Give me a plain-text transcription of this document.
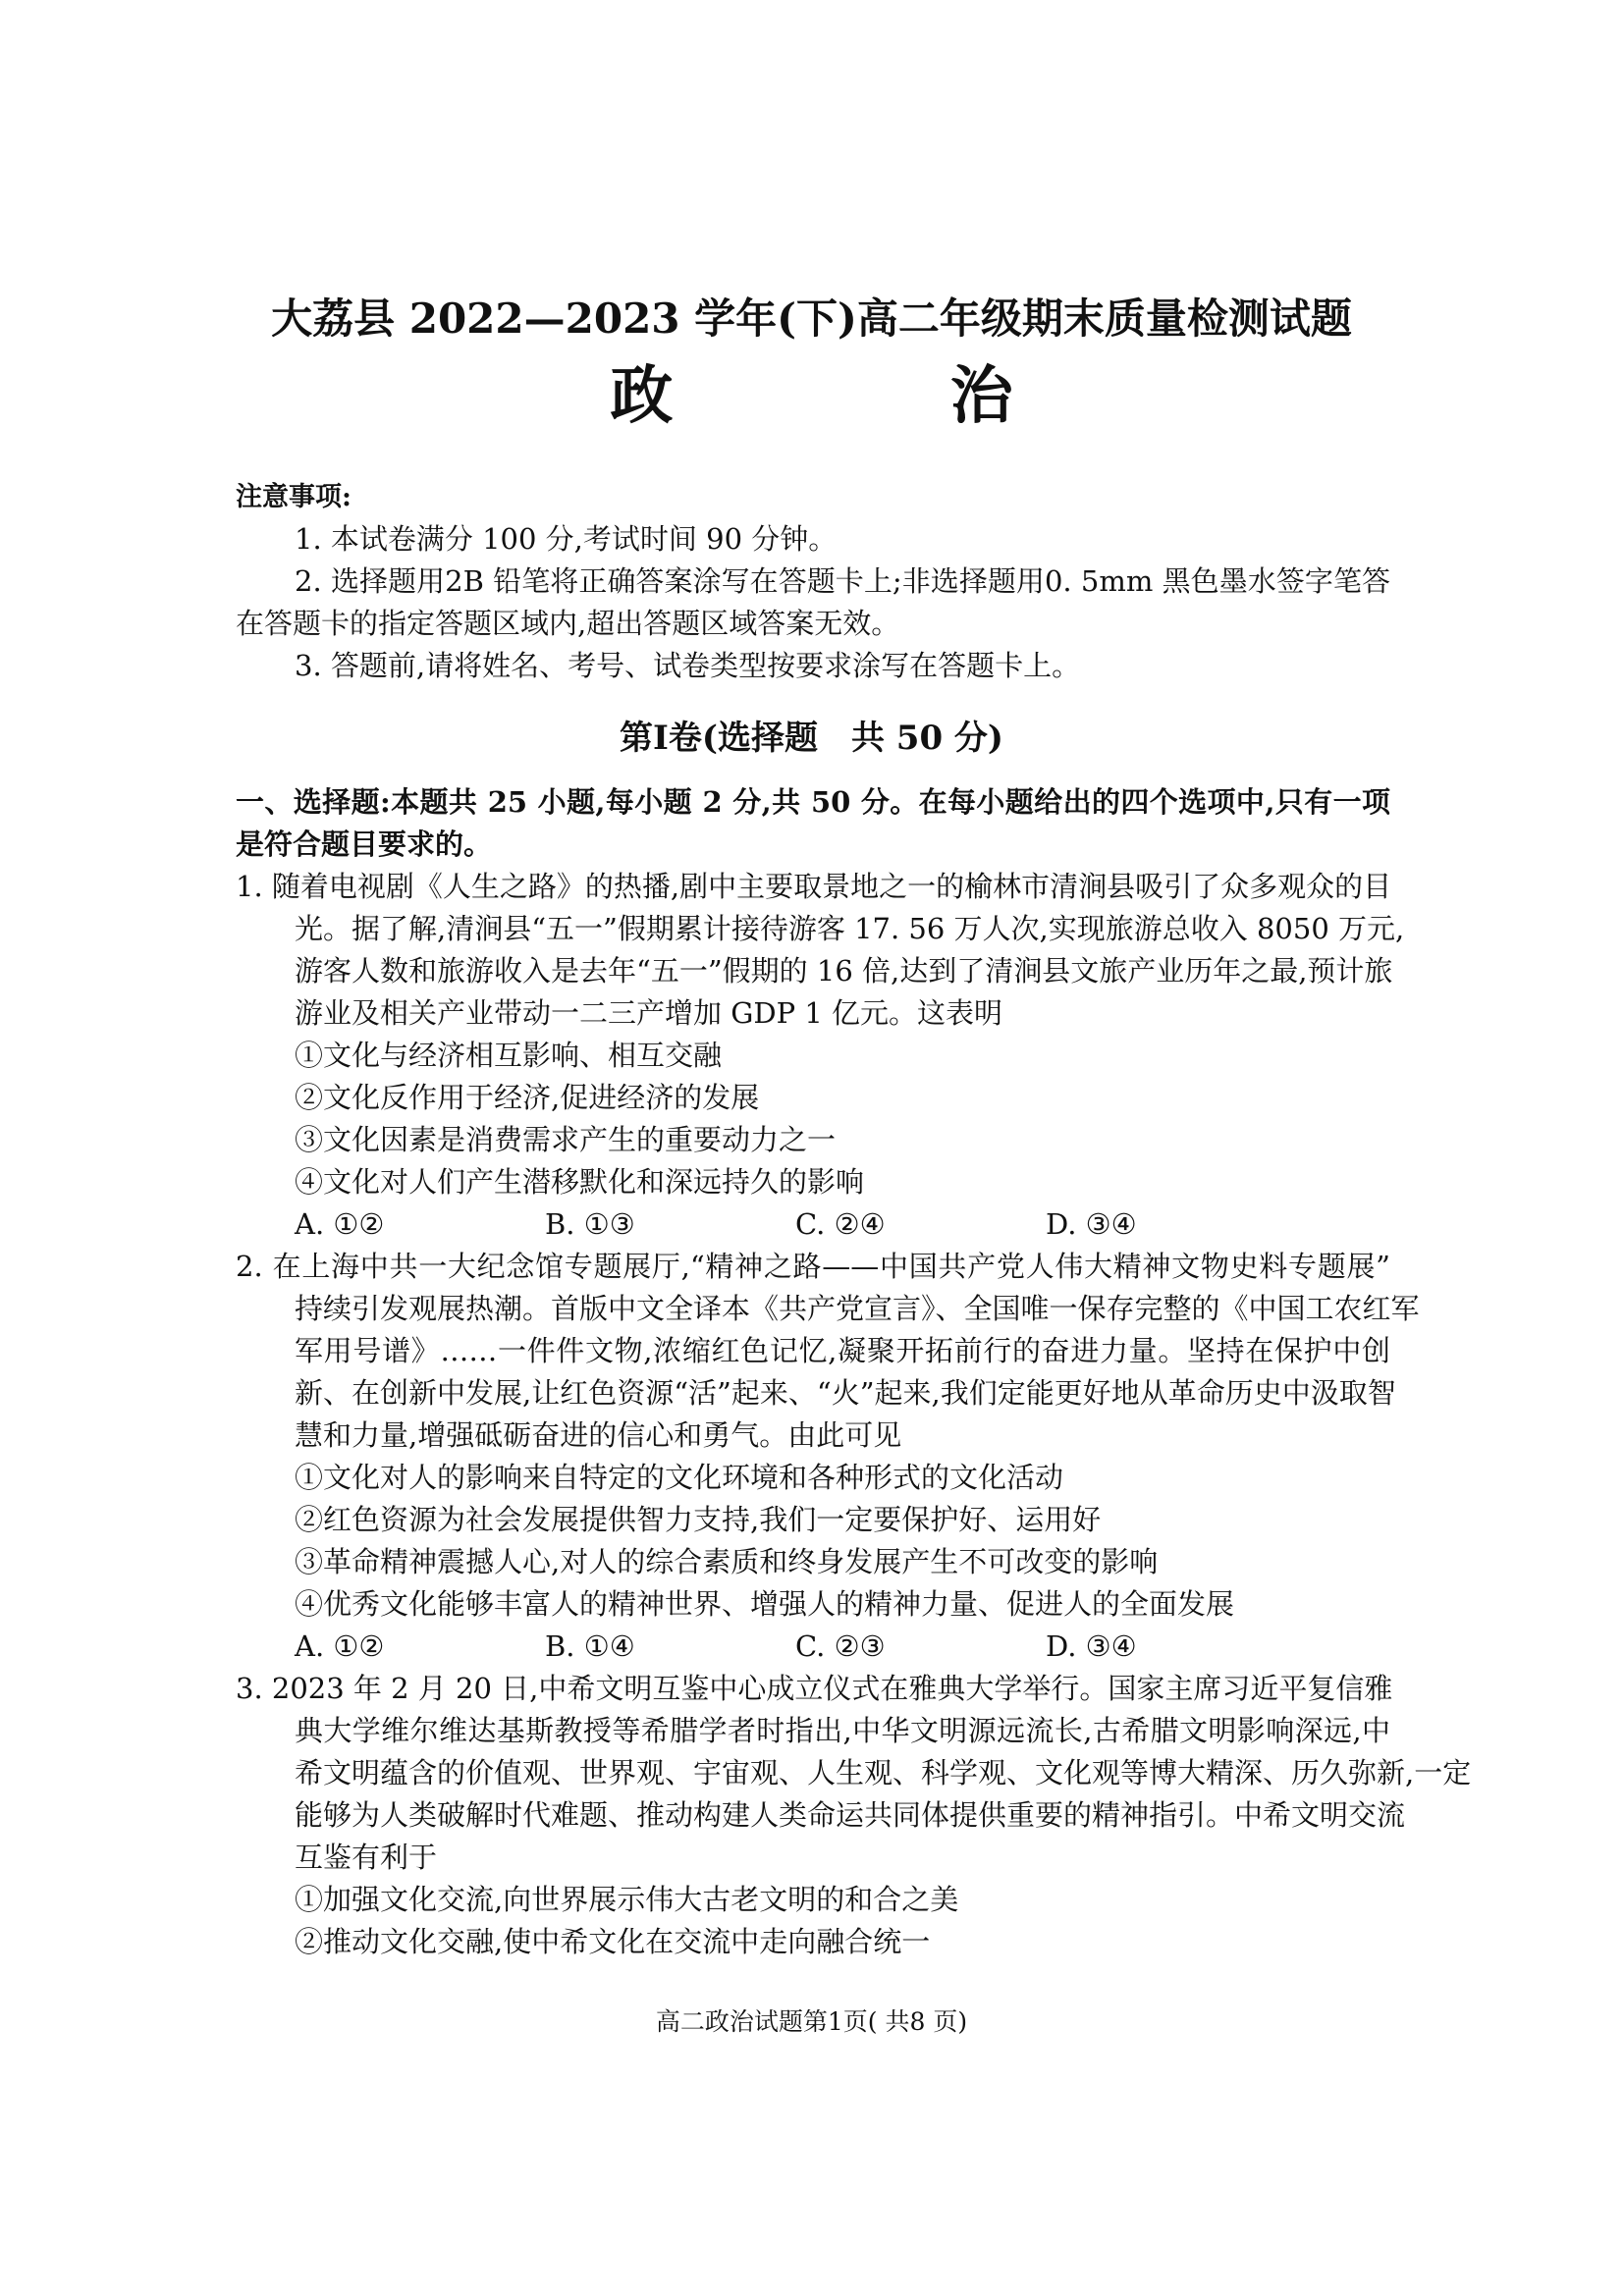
大荔县 2022—2023 学年(下)高二年级期末质量检测试题
政 治
注意事项:
1. 本试卷满分 100 分,考试时间 90 分钟。
2. 选择题用2B 铅笔将正确答案涂写在答题卡上;非选择题用0. 5mm 黑色墨水签字笔答
在答题卡的指定答题区域内,超出答题区域答案无效。
3. 答题前,请将姓名、考号、试卷类型按要求涂写在答题卡上。
第Ⅰ卷(选择题　共 50 分)
一、选择题:本题共 25 小题,每小题 2 分,共 50 分。在每小题给出的四个选项中,只有一项
是符合题目要求的。
1. 随着电视剧《人生之路》的热播,剧中主要取景地之一的榆林市清涧县吸引了众多观众的目
光。据了解,清涧县“五一”假期累计接待游客 17. 56 万人次,实现旅游总收入 8050 万元,
游客人数和旅游收入是去年“五一”假期的 16 倍,达到了清涧县文旅产业历年之最,预计旅
游业及相关产业带动一二三产增加 GDP 1 亿元。这表明
①文化与经济相互影响、相互交融
②文化反作用于经济,促进经济的发展
③文化因素是消费需求产生的重要动力之一
④文化对人们产生潜移默化和深远持久的影响
A. ①②	B. ①③	C. ②④	D. ③④
2. 在上海中共一大纪念馆专题展厅,“精神之路——中国共产党人伟大精神文物史料专题展”
持续引发观展热潮。首版中文全译本《共产党宣言》、全国唯一保存完整的《中国工农红军
军用号谱》……一件件文物,浓缩红色记忆,凝聚开拓前行的奋进力量。坚持在保护中创
新、在创新中发展,让红色资源“活”起来、“火”起来,我们定能更好地从革命历史中汲取智
慧和力量,增强砥砺奋进的信心和勇气。由此可见
①文化对人的影响来自特定的文化环境和各种形式的文化活动
②红色资源为社会发展提供智力支持,我们一定要保护好、运用好
③革命精神震撼人心,对人的综合素质和终身发展产生不可改变的影响
④优秀文化能够丰富人的精神世界、增强人的精神力量、促进人的全面发展
A. ①②	B. ①④	C. ②③	D. ③④
3. 2023 年 2 月 20 日,中希文明互鉴中心成立仪式在雅典大学举行。国家主席习近平复信雅
典大学维尔维达基斯教授等希腊学者时指出,中华文明源远流长,古希腊文明影响深远,中
希文明蕴含的价值观、世界观、宇宙观、人生观、科学观、文化观等博大精深、历久弥新,一定
能够为人类破解时代难题、推动构建人类命运共同体提供重要的精神指引。中希文明交流
互鉴有利于
①加强文化交流,向世界展示伟大古老文明的和合之美
②推动文化交融,使中希文化在交流中走向融合统一
高二政治试题第1页( 共8 页)
